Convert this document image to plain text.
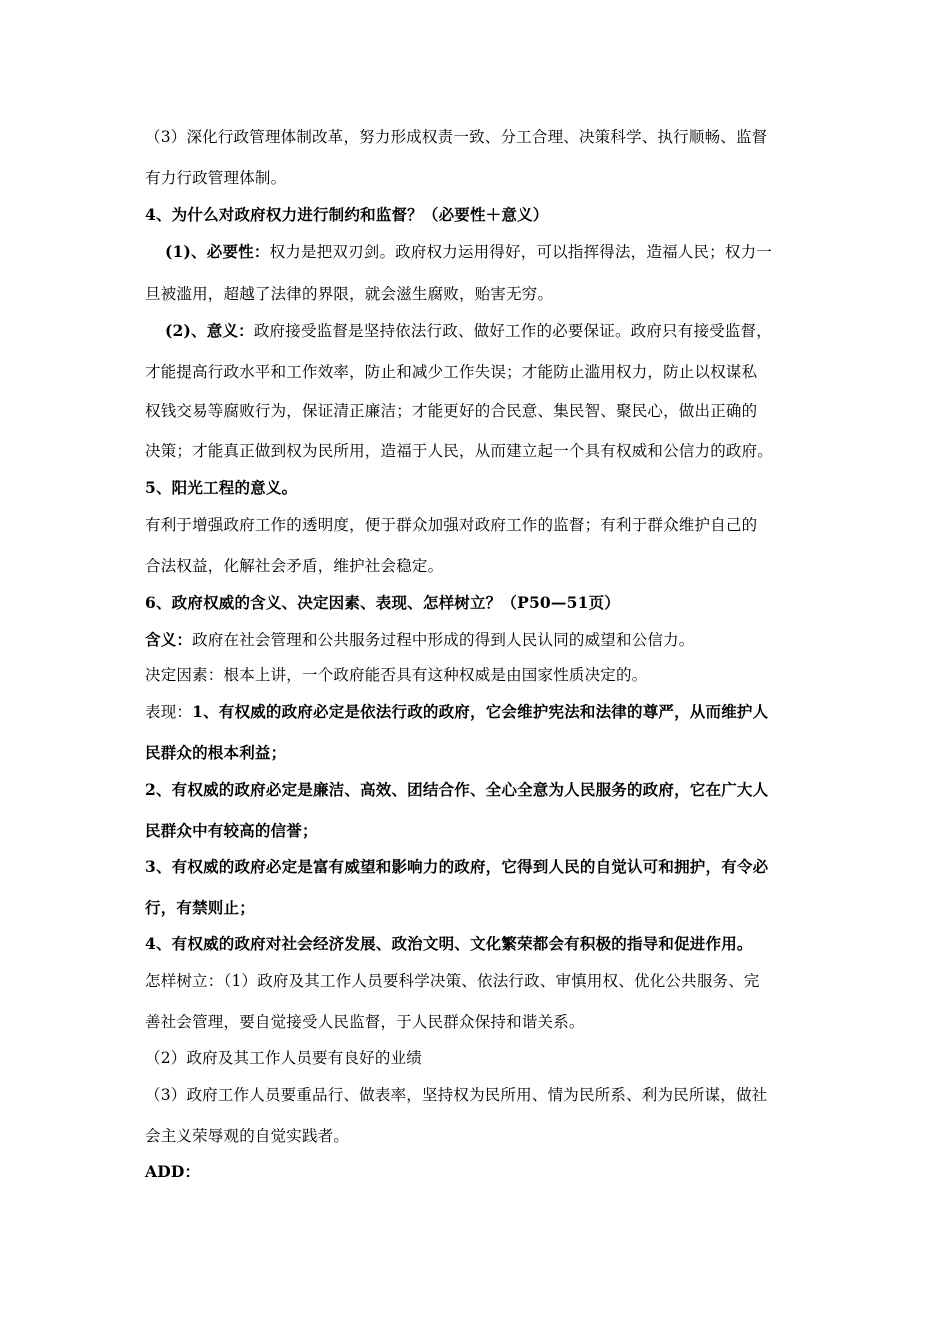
（3）深化行政管理体制改革，努力形成权责一致、分工合理、决策科学、执行顺畅、监督
有力行政管理体制。
4、为什么对政府权力进行制约和监督？（必要性＋意义）
(1)、必要性：权力是把双刃剑。政府权力运用得好，可以指挥得法，造福人民；权力一
旦被滥用，超越了法律的界限，就会滋生腐败，贻害无穷。
(2)、意义：政府接受监督是坚持依法行政、做好工作的必要保证。政府只有接受监督，
才能提高行政水平和工作效率，防止和减少工作失误；才能防止滥用权力，防止以权谋私
权钱交易等腐败行为，保证清正廉洁；才能更好的合民意、集民智、聚民心，做出正确的
决策；才能真正做到权为民所用，造福于人民，从而建立起一个具有权威和公信力的政府。
5、阳光工程的意义。
有利于增强政府工作的透明度，便于群众加强对政府工作的监督；有利于群众维护自己的
合法权益，化解社会矛盾，维护社会稳定。
6、政府权威的含义、决定因素、表现、怎样树立？（P50—51页）
含义：政府在社会管理和公共服务过程中形成的得到人民认同的威望和公信力。
决定因素：根本上讲，一个政府能否具有这种权威是由国家性质决定的。
表现：1、有权威的政府必定是依法行政的政府，它会维护宪法和法律的尊严，从而维护人
民群众的根本利益；
2、有权威的政府必定是廉洁、高效、团结合作、全心全意为人民服务的政府，它在广大人
民群众中有较高的信誉；
3、有权威的政府必定是富有威望和影响力的政府，它得到人民的自觉认可和拥护，有令必
行，有禁则止；
4、有权威的政府对社会经济发展、政治文明、文化繁荣都会有积极的指导和促进作用。
怎样树立：（1）政府及其工作人员要科学决策、依法行政、审慎用权、优化公共服务、完
善社会管理，要自觉接受人民监督，于人民群众保持和谐关系。
（2）政府及其工作人员要有良好的业绩
（3）政府工作人员要重品行、做表率，坚持权为民所用、情为民所系、利为民所谋，做社
会主义荣辱观的自觉实践者。
ADD：
